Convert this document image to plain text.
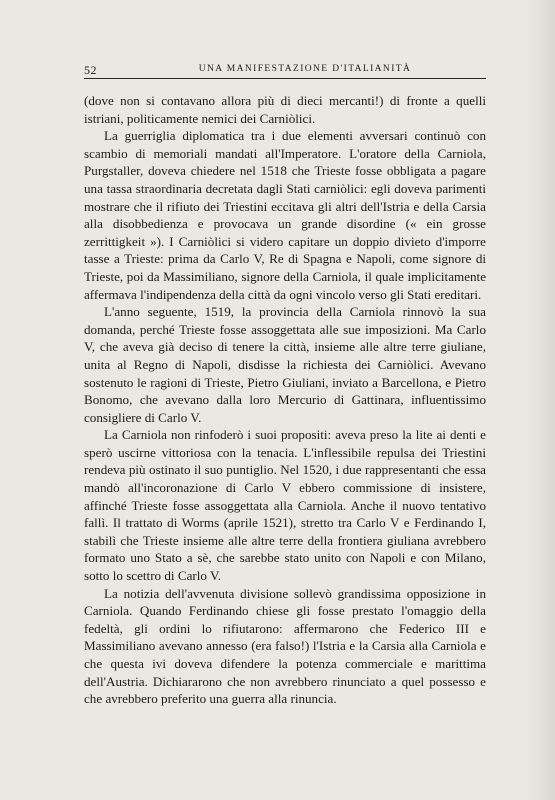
52	UNA MANIFESTAZIONE D'ITALIANITÀ

(dove non si contavano allora più di dieci mercanti!) di fronte a quelli istriani, politicamente nemici dei Carniòlici.

La guerriglia diplomatica tra i due elementi avversari continuò con scambio di memoriali mandati all'Imperatore. L'oratore della Carniola, Purgstaller, doveva chiedere nel 1518 che Trieste fosse obbligata a pagare una tassa straordinaria decretata dagli Stati carniòlici: egli doveva parimenti mostrare che il rifiuto dei Triestini eccitava gli altri dell'Istria e della Carsia alla disobbedienza e provocava un grande disordine (« ein grosse zerrittigkeit »). I Carniòlici si videro capitare un doppio divieto d'imporre tasse a Trieste: prima da Carlo V, Re di Spagna e Napoli, come signore di Trieste, poi da Massimiliano, signore della Carniola, il quale implicitamente affermava l'indipendenza della città da ogni vincolo verso gli Stati ereditari.

L'anno seguente, 1519, la provincia della Carniola rinnovò la sua domanda, perché Trieste fosse assoggettata alle sue imposizioni. Ma Carlo V, che aveva già deciso di tenere la città, insieme alle altre terre giuliane, unita al Regno di Napoli, disdisse la richiesta dei Carniòlici. Avevano sostenuto le ragioni di Trieste, Pietro Giuliani, inviato a Barcellona, e Pietro Bonomo, che avevano dalla loro Mercurio di Gattinara, influentissimo consigliere di Carlo V.

La Carniola non rinfoderò i suoi propositi: aveva preso la lite ai denti e sperò uscirne vittoriosa con la tenacia. L'inflessibile repulsa dei Triestini rendeva più ostinato il suo puntiglio. Nel 1520, i due rappresentanti che essa mandò all'incoronazione di Carlo V ebbero commissione di insistere, affinché Trieste fosse assoggettata alla Carniola. Anche il nuovo tentativo fallì. Il trattato di Worms (aprile 1521), stretto tra Carlo V e Ferdinando I, stabilì che Trieste insieme alle altre terre della frontiera giuliana avrebbero formato uno Stato a sè, che sarebbe stato unito con Napoli e con Milano, sotto lo scettro di Carlo V.

La notizia dell'avvenuta divisione sollevò grandissima opposizione in Carniola. Quando Ferdinando chiese gli fosse prestato l'omaggio della fedeltà, gli ordini lo rifiutarono: affermarono che Federico III e Massimiliano avevano annesso (era falso!) l'Istria e la Carsia alla Carniola e che questa ivi doveva difendere la potenza commerciale e marittima dell'Austria. Dichiararono che non avrebbero rinunciato a quel possesso e che avrebbero preferito una guerra alla rinuncia.
